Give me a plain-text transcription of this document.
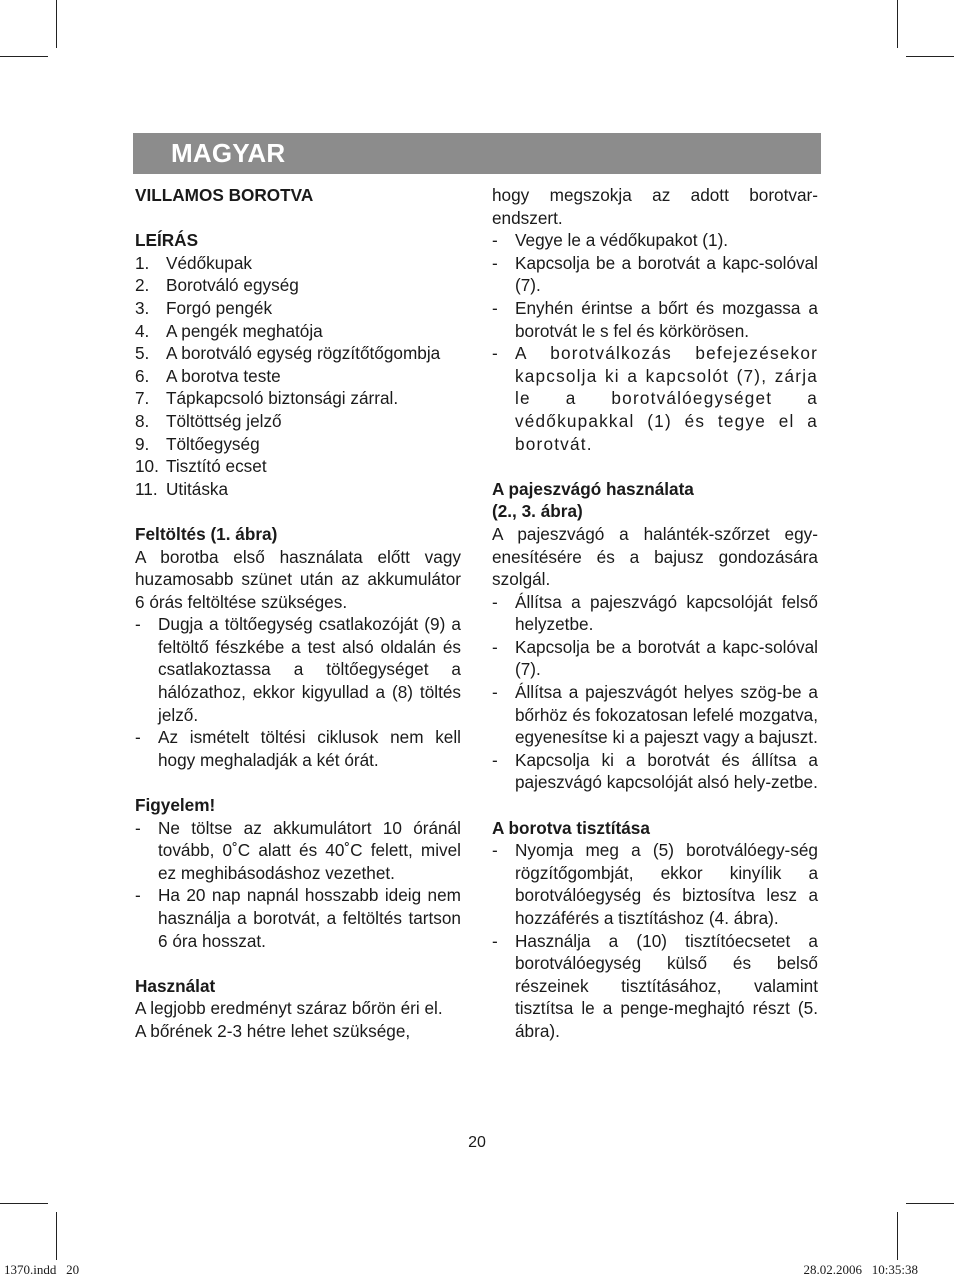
MAGYAR
VILLAMOS BOROTVA
LEÍRÁS
1. Védőkupak
2. Borotváló egység
3. Forgó pengék
4. A pengék meghatója
5. A borotváló egység rögzítőtőgombja
6. A borotva teste
7. Tápkapcsoló biztonsági zárral.
8. Töltöttség jelző
9. Töltőegység
10. Tisztító ecset
11. Utitáska
Feltöltés (1. ábra)

A borotba első használata előtt vagy huzamosabb szünet után az akkumulátor 6 órás feltöltése szükséges.

-	Dugja a töltőegység csatlakozóját (9) a feltöltő fészkébe a test alsó oldalán és csatlakoztassa a töltőegységet a hálózathoz, ekkor kigyullad a (8) töltés jelző.
-	Az ismételt töltési ciklusok nem kell hogy meghaladják a két órát.
Figyelem!
-	Ne töltse az akkumulátort 10 óránál tovább, 0˚C alatt és 40˚C felett, mivel ez meghibásodáshoz vezethet.
-	Ha 20 nap napnál hosszabb ideig nem használja a borotvát, a feltöltés tartson 6 óra hosszat.
Használat

A legjobb eredményt száraz bőrön éri el.

A bőrének 2-3 hétre lehet szüksége,

hogy megszokja az adott borotvar-endszert.

-	Vegye le a védőkupakot (1).
-	Kapcsolja be a borotvát a kapc-solóval (7).
-	Enyhén érintse a bőrt és mozgassa a borotvát le s fel és körkörösen.
-	A borotválkozás befejezésekor kapcsolja ki a kapcsolót (7), zárja le a borotválóegységet a védőkupakkal (1) és tegye el a borotvát.
A pajeszvágó használata
(2., 3. ábra)

A pajeszvágó a halánték-szőrzet egy-enesítésére és a bajusz gondozására szolgál.

-	Állítsa a pajeszvágó kapcsolóját felső helyzetbe.
-	Kapcsolja be a borotvát a kapc-solóval (7).
-	Állítsa a pajeszvágót helyes szög-be a bőrhöz és fokozatosan lefelé mozgatva, egyenesítse ki a pajeszt vagy a bajuszt.
-	Kapcsolja ki a borotvát és állítsa a pajeszvágó kapcsolóját alsó hely-zetbe.
A borotva tisztítása
-	Nyomja meg a (5) borotválóegy-ség rögzítőgombját, ekkor kinyílik a borotválóegység és biztosítva lesz a hozzáférés a tisztításhoz (4. ábra).
-	Használja a (10) tisztítóecsetet a borotválóegység külső és belső részeinek tisztításához, valamint tisztítsa le a penge-meghajtó részt (5. ábra).
20
1370.indd   20	28.02.2006   10:35:38
